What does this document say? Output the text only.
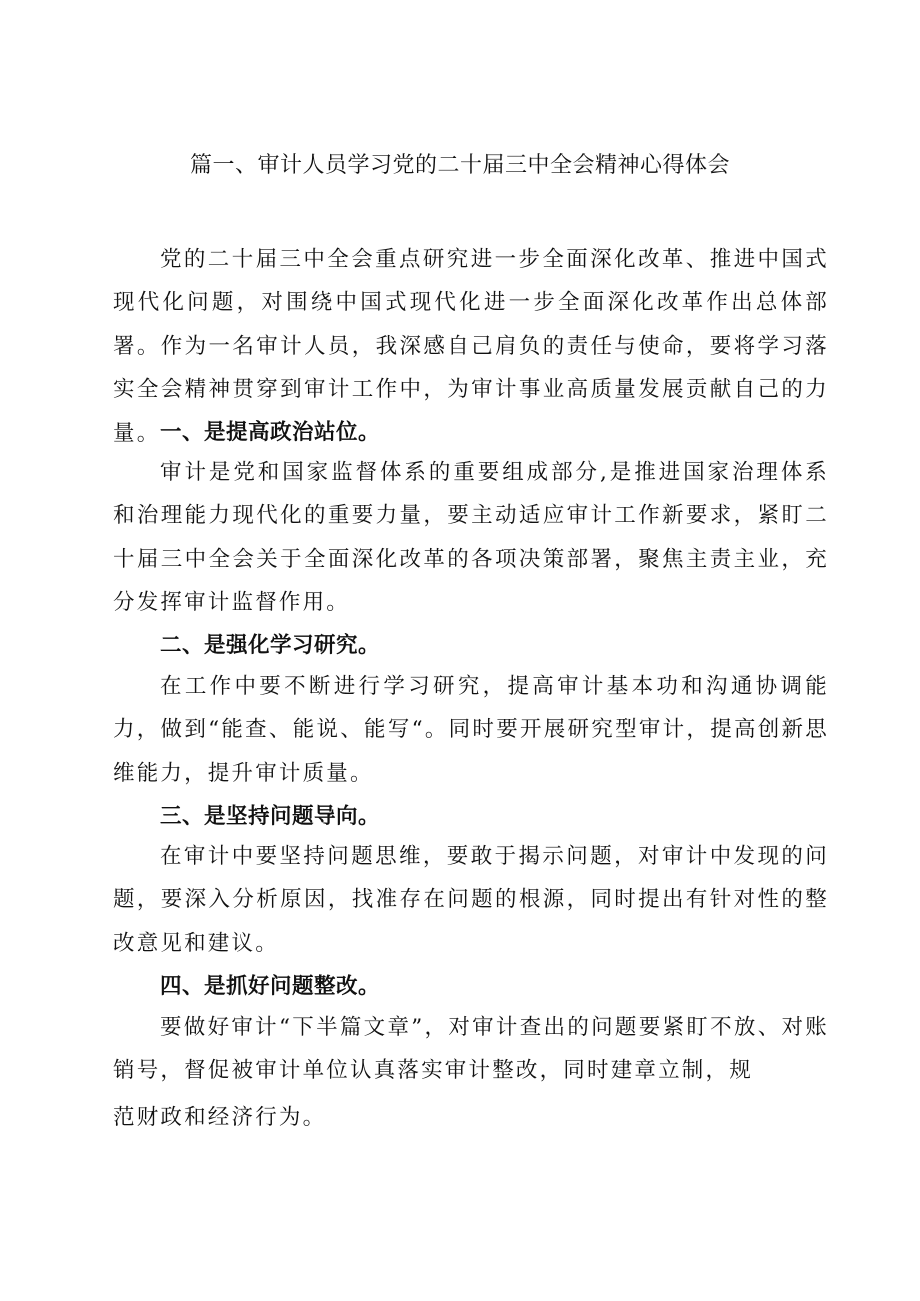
篇一、审计人员学习党的二十届三中全会精神心得体会

党的二十届三中全会重点研究进一步全面深化改革、推进中国式现代化问题，对围绕中国式现代化进一步全面深化改革作出总体部署。作为一名审计人员，我深感自己肩负的责任与使命，要将学习落实全会精神贯穿到审计工作中，为审计事业高质量发展贡献自己的力量。 一、是提高政治站位。

审计是党和国家监督体系的重要组成部分,是推进国家治理体系和治理能力现代化的重要力量，要主动适应审计工作新要求，紧盯二十届三中全会关于全面深化改革的各项决策部署，聚焦主责主业，充分发挥审计监督作用。

二、是强化学习研究。

在工作中要不断进行学习研究，提高审计基本功和沟通协调能力，做到“能查、能说、能写“。同时要开展研究型审计，提高创新思维能力，提升审计质量。

三、是坚持问题导向。

在审计中要坚持问题思维，要敢于揭示问题，对审计中发现的问题，要深入分析原因，找准存在问题的根源，同时提出有针对性的整改意见和建议。

四、是抓好问题整改。

要做好审计“下半篇文章”，对审计查出的问题要紧盯不放、对账销号，督促被审计单位认真落实审计整改，同时建章立制，规

范财政和经济行为。
